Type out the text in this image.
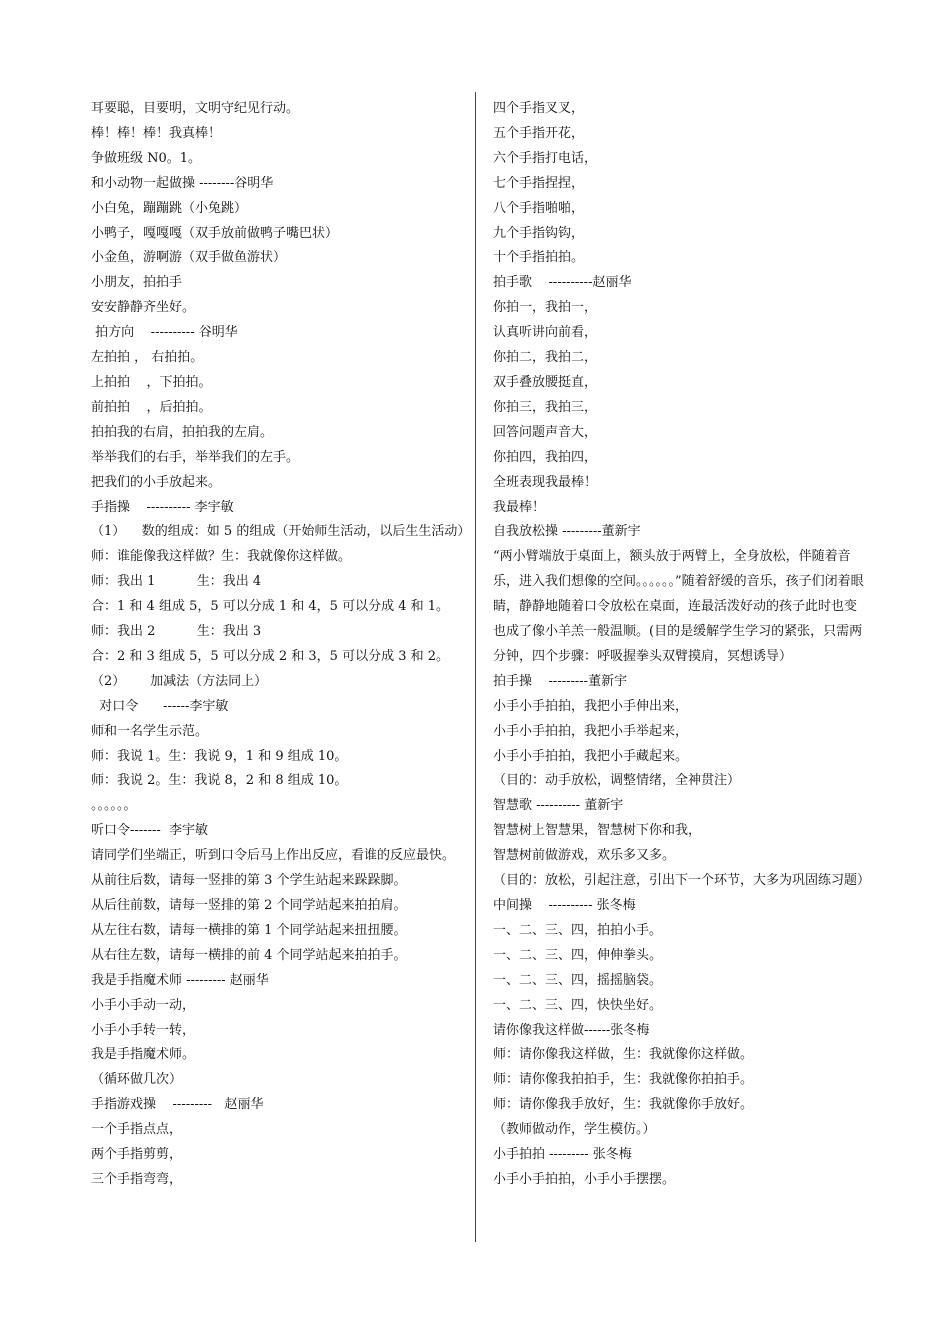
耳要聪，目要明，文明守纪见行动。
棒！棒！棒！我真棒！
争做班级 N0。1。
和小动物一起做操 --------谷明华
小白兔，蹦蹦跳（小兔跳）
小鸭子，嘎嘎嘎（双手放前做鸭子嘴巴状）
小金鱼，游啊游（双手做鱼游状）
小朋友，拍拍手
安安静静齐坐好。
拍方向    ---------- 谷明华
左拍拍 ， 右拍拍。
上拍拍    ，下拍拍。
前拍拍    ，后拍拍。
拍拍我的右肩，拍拍我的左肩。
举举我们的右手，举举我们的左手。
把我们的小手放起来。
手指操    ---------- 李宇敏
（1）    数的组成：如 5 的组成（开始师生活动，以后生生活动）
师：谁能像我这样做？生：我就像你这样做。
师：我出 1          生：我出 4
合：1 和 4 组成 5，5 可以分成 1 和 4，5 可以分成 4 和 1。
师：我出 2          生：我出 3
合：2 和 3 组成 5，5 可以分成 2 和 3，5 可以分成 3 和 2。
（2）      加减法（方法同上）
对口令      ------李宇敏
师和一名学生示范。
师：我说 1。生：我说 9，1 和 9 组成 10。
师：我说 2。生：我说 8，2 和 8 组成 10。
。。。。。。
听口令-------  李宇敏
请同学们坐端正，听到口令后马上作出反应，看谁的反应最快。
从前往后数，请每一竖排的第 3 个学生站起来跺跺脚。
从后往前数，请每一竖排的第 2 个同学站起来拍拍肩。
从左往右数，请每一横排的第 1 个同学站起来扭扭腰。
从右往左数，请每一横排的前 4 个同学站起来拍拍手。
我是手指魔术师 --------- 赵丽华
小手小手动一动，
小手小手转一转，
我是手指魔术师。
（循环做几次）
手指游戏操    ---------   赵丽华
一个手指点点，
两个手指剪剪，
三个手指弯弯，
四个手指叉叉，
五个手指开花，
六个手指打电话，
七个手指捏捏，
八个手指啪啪，
九个手指钩钩，
十个手指拍拍。
拍手歌    ----------赵丽华
你拍一，我拍一，
认真听讲向前看，
你拍二，我拍二，
双手叠放腰挺直，
你拍三，我拍三，
回答问题声音大，
你拍四，我拍四，
全班表现我最棒！
我最棒！
自我放松操 ---------董新宇
“两小臂端放于桌面上，额头放于两臂上，全身放松，伴随着音乐，进入我们想像的空间。。。。。。”随着舒缓的音乐，孩子们闭着眼睛，静静地随着口令放松在桌面，连最活泼好动的孩子此时也变也成了像小羊羔一般温顺。(目的是缓解学生学习的紧张，只需两分钟，四个步骤：呼吸握拳头双臂摸肩，冥想诱导）
拍手操    ---------董新宇
小手小手拍拍，我把小手伸出来，
小手小手拍拍，我把小手举起来，
小手小手拍拍，我把小手藏起来。
（目的：动手放松，调整情绪，全神贯注）
智慧歌 ---------- 董新宇
智慧树上智慧果，智慧树下你和我，
智慧树前做游戏，欢乐多又多。
（目的：放松，引起注意，引出下一个环节，大多为巩固练习题）
中间操    ---------- 张冬梅
一、二、三、四，拍拍小手。
一、二、三、四，伸伸拳头。
一、二、三、四，摇摇脑袋。
一、二、三、四，快快坐好。
请你像我这样做------张冬梅
师：请你像我这样做，生：我就像你这样做。
师：请你像我拍拍手，生：我就像你拍拍手。
师：请你像我手放好，生：我就像你手放好。
（教师做动作，学生模仿。）
小手拍拍 --------- 张冬梅
小手小手拍拍，小手小手摆摆。
